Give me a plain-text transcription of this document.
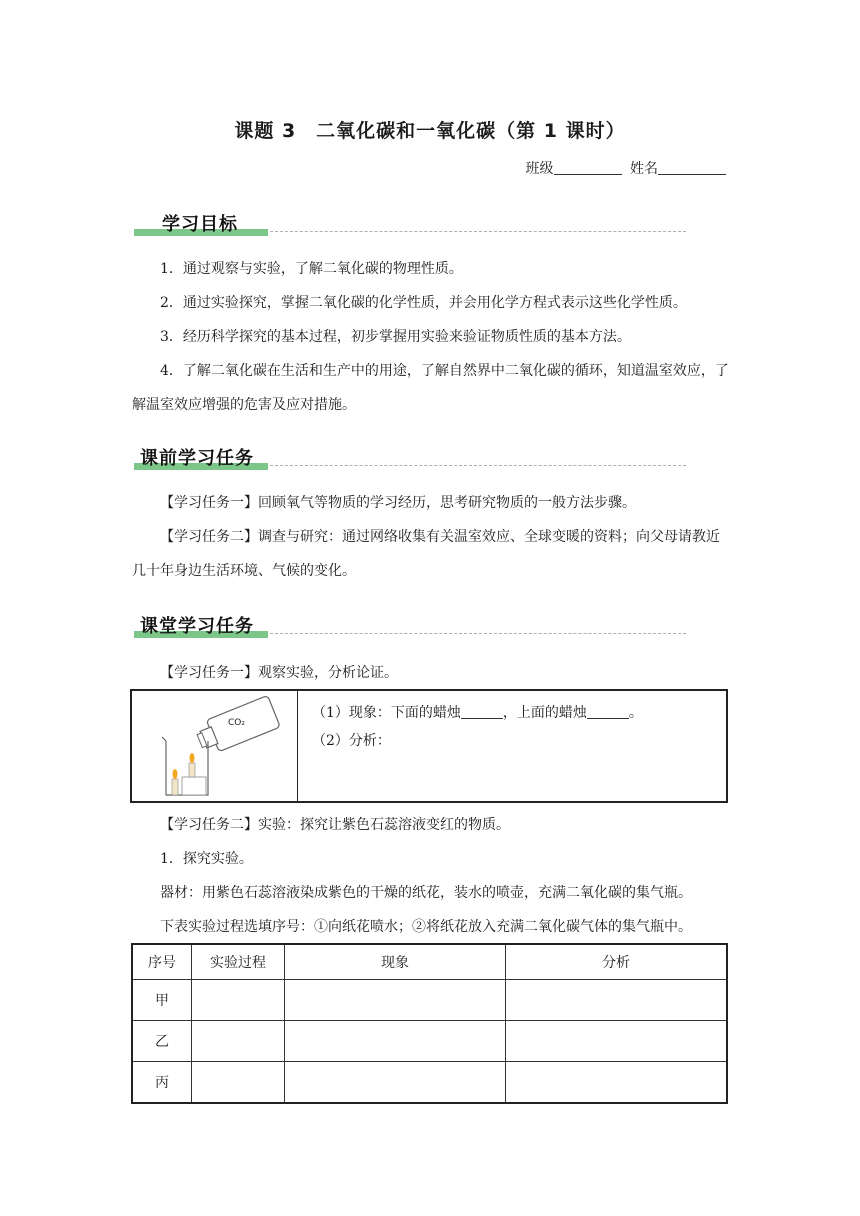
课题 3　二氧化碳和一氧化碳（第 1 课时）
班级	姓名
学习目标

1．通过观察与实验，了解二氧化碳的物理性质。

2．通过实验探究，掌握二氧化碳的化学性质，并会用化学方程式表示这些化学性质。

3．经历科学探究的基本过程，初步掌握用实验来验证物质性质的基本方法。

4．了解二氧化碳在生活和生产中的用途，了解自然界中二氧化碳的循环，知道温室效应，了解温室效应增强的危害及应对措施。

课前学习任务

【学习任务一】回顾氧气等物质的学习经历，思考研究物质的一般方法步骤。

【学习任务二】调查与研究：通过网络收集有关温室效应、全球变暖的资料；向父母请教近几十年身边生活环境、气候的变化。

课堂学习任务

【学习任务一】观察实验，分析论证。

CO₂

（1）现象：下面的蜡烛	，上面的蜡烛	。

（2）分析：

【学习任务二】实验：探究让紫色石蕊溶液变红的物质。

1．探究实验。

器材：用紫色石蕊溶液染成紫色的干燥的纸花，装水的喷壶，充满二氧化碳的集气瓶。

下表实验过程选填序号：①向纸花喷水；②将纸花放入充满二氧化碳气体的集气瓶中。

序号	实验过程	现象	分析
甲			
乙			
丙			
